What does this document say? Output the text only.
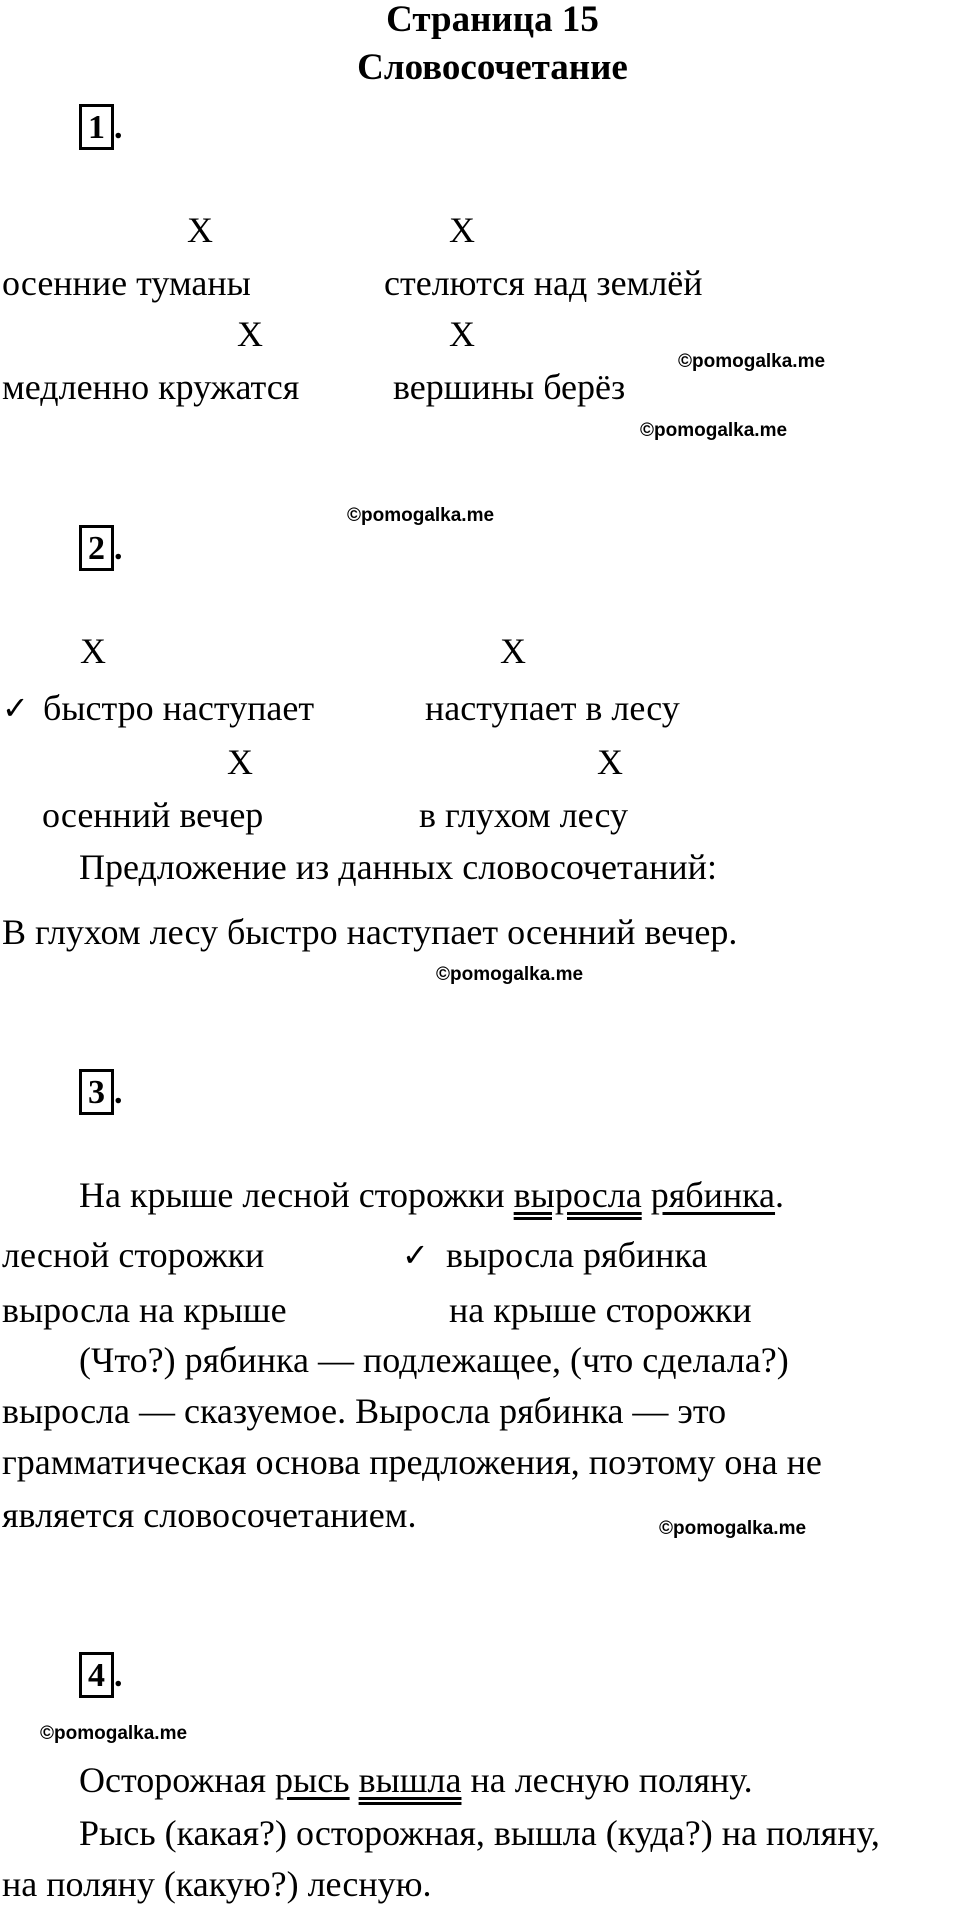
Страница 15
Словосочетание
1 .
Х	Х
осенние туманы	стелются над землёй
Х	Х
медленно кружатся	вершины берёз
©pomogalka.me
©pomogalka.me
©pomogalka.me
2 .
Х	Х
✓ быстро наступает	наступает в лесу
Х	Х
осенний вечер	в глухом лесу
Предложение из данных словосочетаний:
В глухом лесу быстро наступает осенний вечер.
©pomogalka.me
3 .
На крыше лесной сторожки выросла рябинка.
лесной сторожки	✓ выросла рябинка
выросла на крыше	на крыше сторожки
(Что?) рябинка — подлежащее, (что сделала?)
выросла — сказуемое. Выросла рябинка — это
грамматическая основа предложения, поэтому она не
является словосочетанием.	©pomogalka.me
4 .
©pomogalka.me
Осторожная рысь вышла на лесную поляну.
Рысь (какая?) осторожная, вышла (куда?) на поляну,
на поляну (какую?) лесную.
